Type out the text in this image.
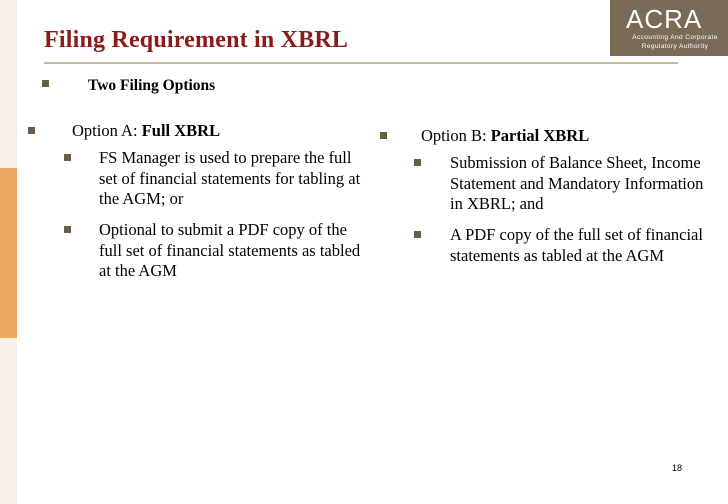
Filing Requirement in XBRL
ACRA
Accounting And Corporate
Regulatory Authority
Two Filing Options
Option A: Full XBRL
FS Manager is used to prepare the full set of financial statements for tabling at the AGM; or
Optional to submit a PDF copy of the full set of financial statements as tabled at the AGM
Option B: Partial XBRL
Submission of Balance Sheet, Income Statement and Mandatory Information in XBRL; and
A PDF copy of the full set of financial statements as tabled at the AGM
18
